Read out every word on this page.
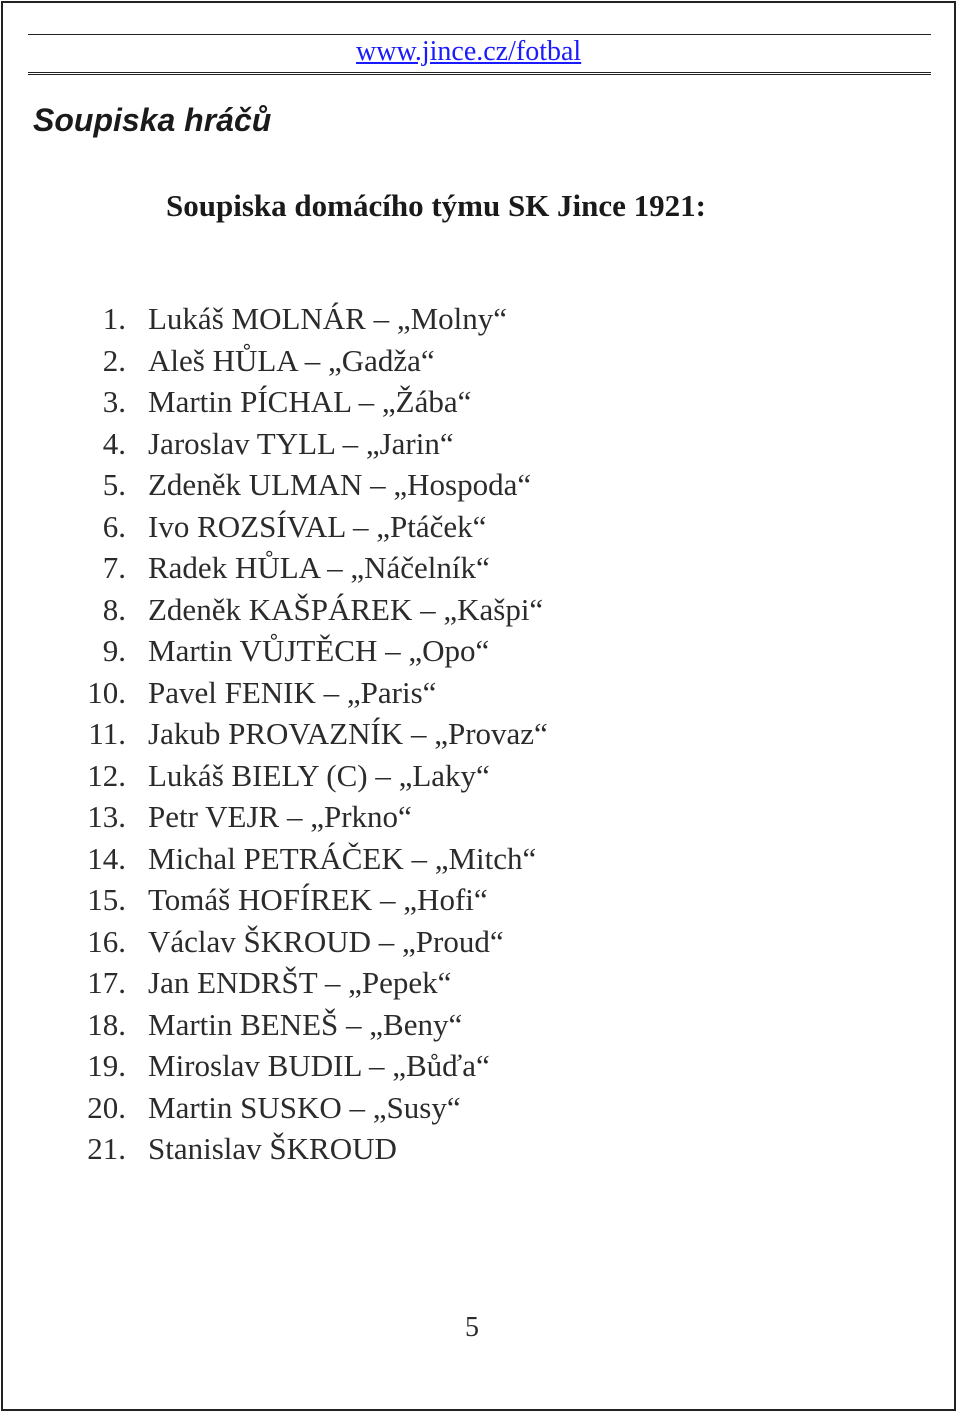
www.jince.cz/fotbal
Soupiska hráčů
Soupiska domácího týmu SK Jince 1921:
1. Lukáš MOLNÁR – „Molny“
2. Aleš HŮLA – „Gadža“
3. Martin PÍCHAL – „Žába“
4. Jaroslav TYLL – „Jarin“
5. Zdeněk ULMAN – „Hospoda“
6. Ivo ROZSÍVAL – „Ptáček“
7. Radek HŮLA – „Náčelník“
8. Zdeněk KAŠPÁREK – „Kašpi“
9. Martin VŮJTĚCH – „Opo“
10. Pavel FENIK – „Paris“
11. Jakub PROVAZNÍK – „Provaz“
12. Lukáš BIELY (C) – „Laky“
13. Petr VEJR – „Prkno“
14. Michal PETRÁČEK – „Mitch“
15. Tomáš HOFÍREK – „Hofi“
16. Václav ŠKROUD – „Proud“
17. Jan ENDRŠT – „Pepek“
18. Martin BENEŠ – „Beny“
19. Miroslav BUDIL – „Bůďa“
20. Martin SUSKO – „Susy“
21. Stanislav ŠKROUD
5
